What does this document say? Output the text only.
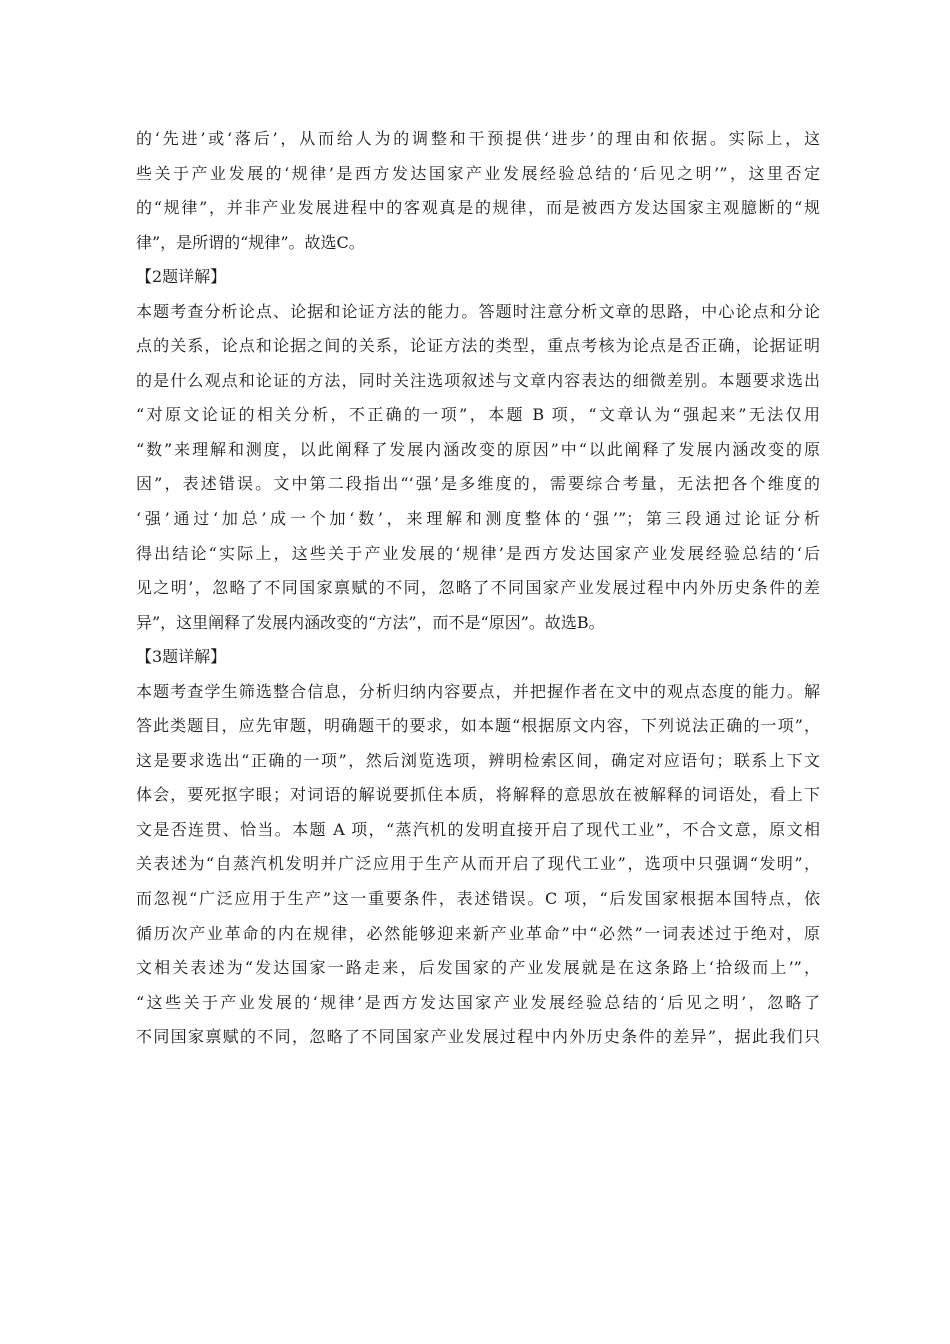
的‘先进’或‘落后’，从而给人为的调整和干预提供‘进步’的理由和依据。实际上，这
些关于产业发展的‘规律’是西方发达国家产业发展经验总结的‘后见之明’”，这里否定
的“规律”，并非产业发展进程中的客观真是的规律，而是被西方发达国家主观臆断的“规
律”，是所谓的“规律”。故选C。
【2题详解】
本题考查分析论点、论据和论证方法的能力。答题时注意分析文章的思路，中心论点和分论
点的关系，论点和论据之间的关系，论证方法的类型，重点考核为论点是否正确，论据证明
的是什么观点和论证的方法，同时关注选项叙述与文章内容表达的细微差别。本题要求选出
“对原文论证的相关分析，不正确的一项”，本题 B 项，“文章认为“强起来”无法仅用
“数”来理解和测度，以此阐释了发展内涵改变的原因”中“以此阐释了发展内涵改变的原
因”，表述错误。文中第二段指出“‘强’是多维度的，需要综合考量，无法把各个维度的
‘强’通过‘加总’成一个加‘数’，来理解和测度整体的‘强’”；第三段通过论证分析
得出结论“实际上，这些关于产业发展的‘规律’是西方发达国家产业发展经验总结的‘后
见之明’，忽略了不同国家禀赋的不同，忽略了不同国家产业发展过程中内外历史条件的差
异”，这里阐释了发展内涵改变的“方法”，而不是“原因”。故选B。
【3题详解】
本题考查学生筛选整合信息，分析归纳内容要点，并把握作者在文中的观点态度的能力。解
答此类题目，应先审题，明确题干的要求，如本题“根据原文内容，下列说法正确的一项”，
这是要求选出“正确的一项”，然后浏览选项，辨明检索区间，确定对应语句；联系上下文
体会，要死抠字眼；对词语的解说要抓住本质，将解释的意思放在被解释的词语处，看上下
文是否连贯、恰当。本题 A 项，“蒸汽机的发明直接开启了现代工业”，不合文意，原文相
关表述为“自蒸汽机发明并广泛应用于生产从而开启了现代工业”，选项中只强调“发明”，
而忽视“广泛应用于生产”这一重要条件，表述错误。C 项，“后发国家根据本国特点，依
循历次产业革命的内在规律，必然能够迎来新产业革命”中“必然”一词表述过于绝对，原
文相关表述为“发达国家一路走来，后发国家的产业发展就是在这条路上‘拾级而上’”，
“这些关于产业发展的‘规律’是西方发达国家产业发展经验总结的‘后见之明’，忽略了
不同国家禀赋的不同，忽略了不同国家产业发展过程中内外历史条件的差异”，据此我们只
